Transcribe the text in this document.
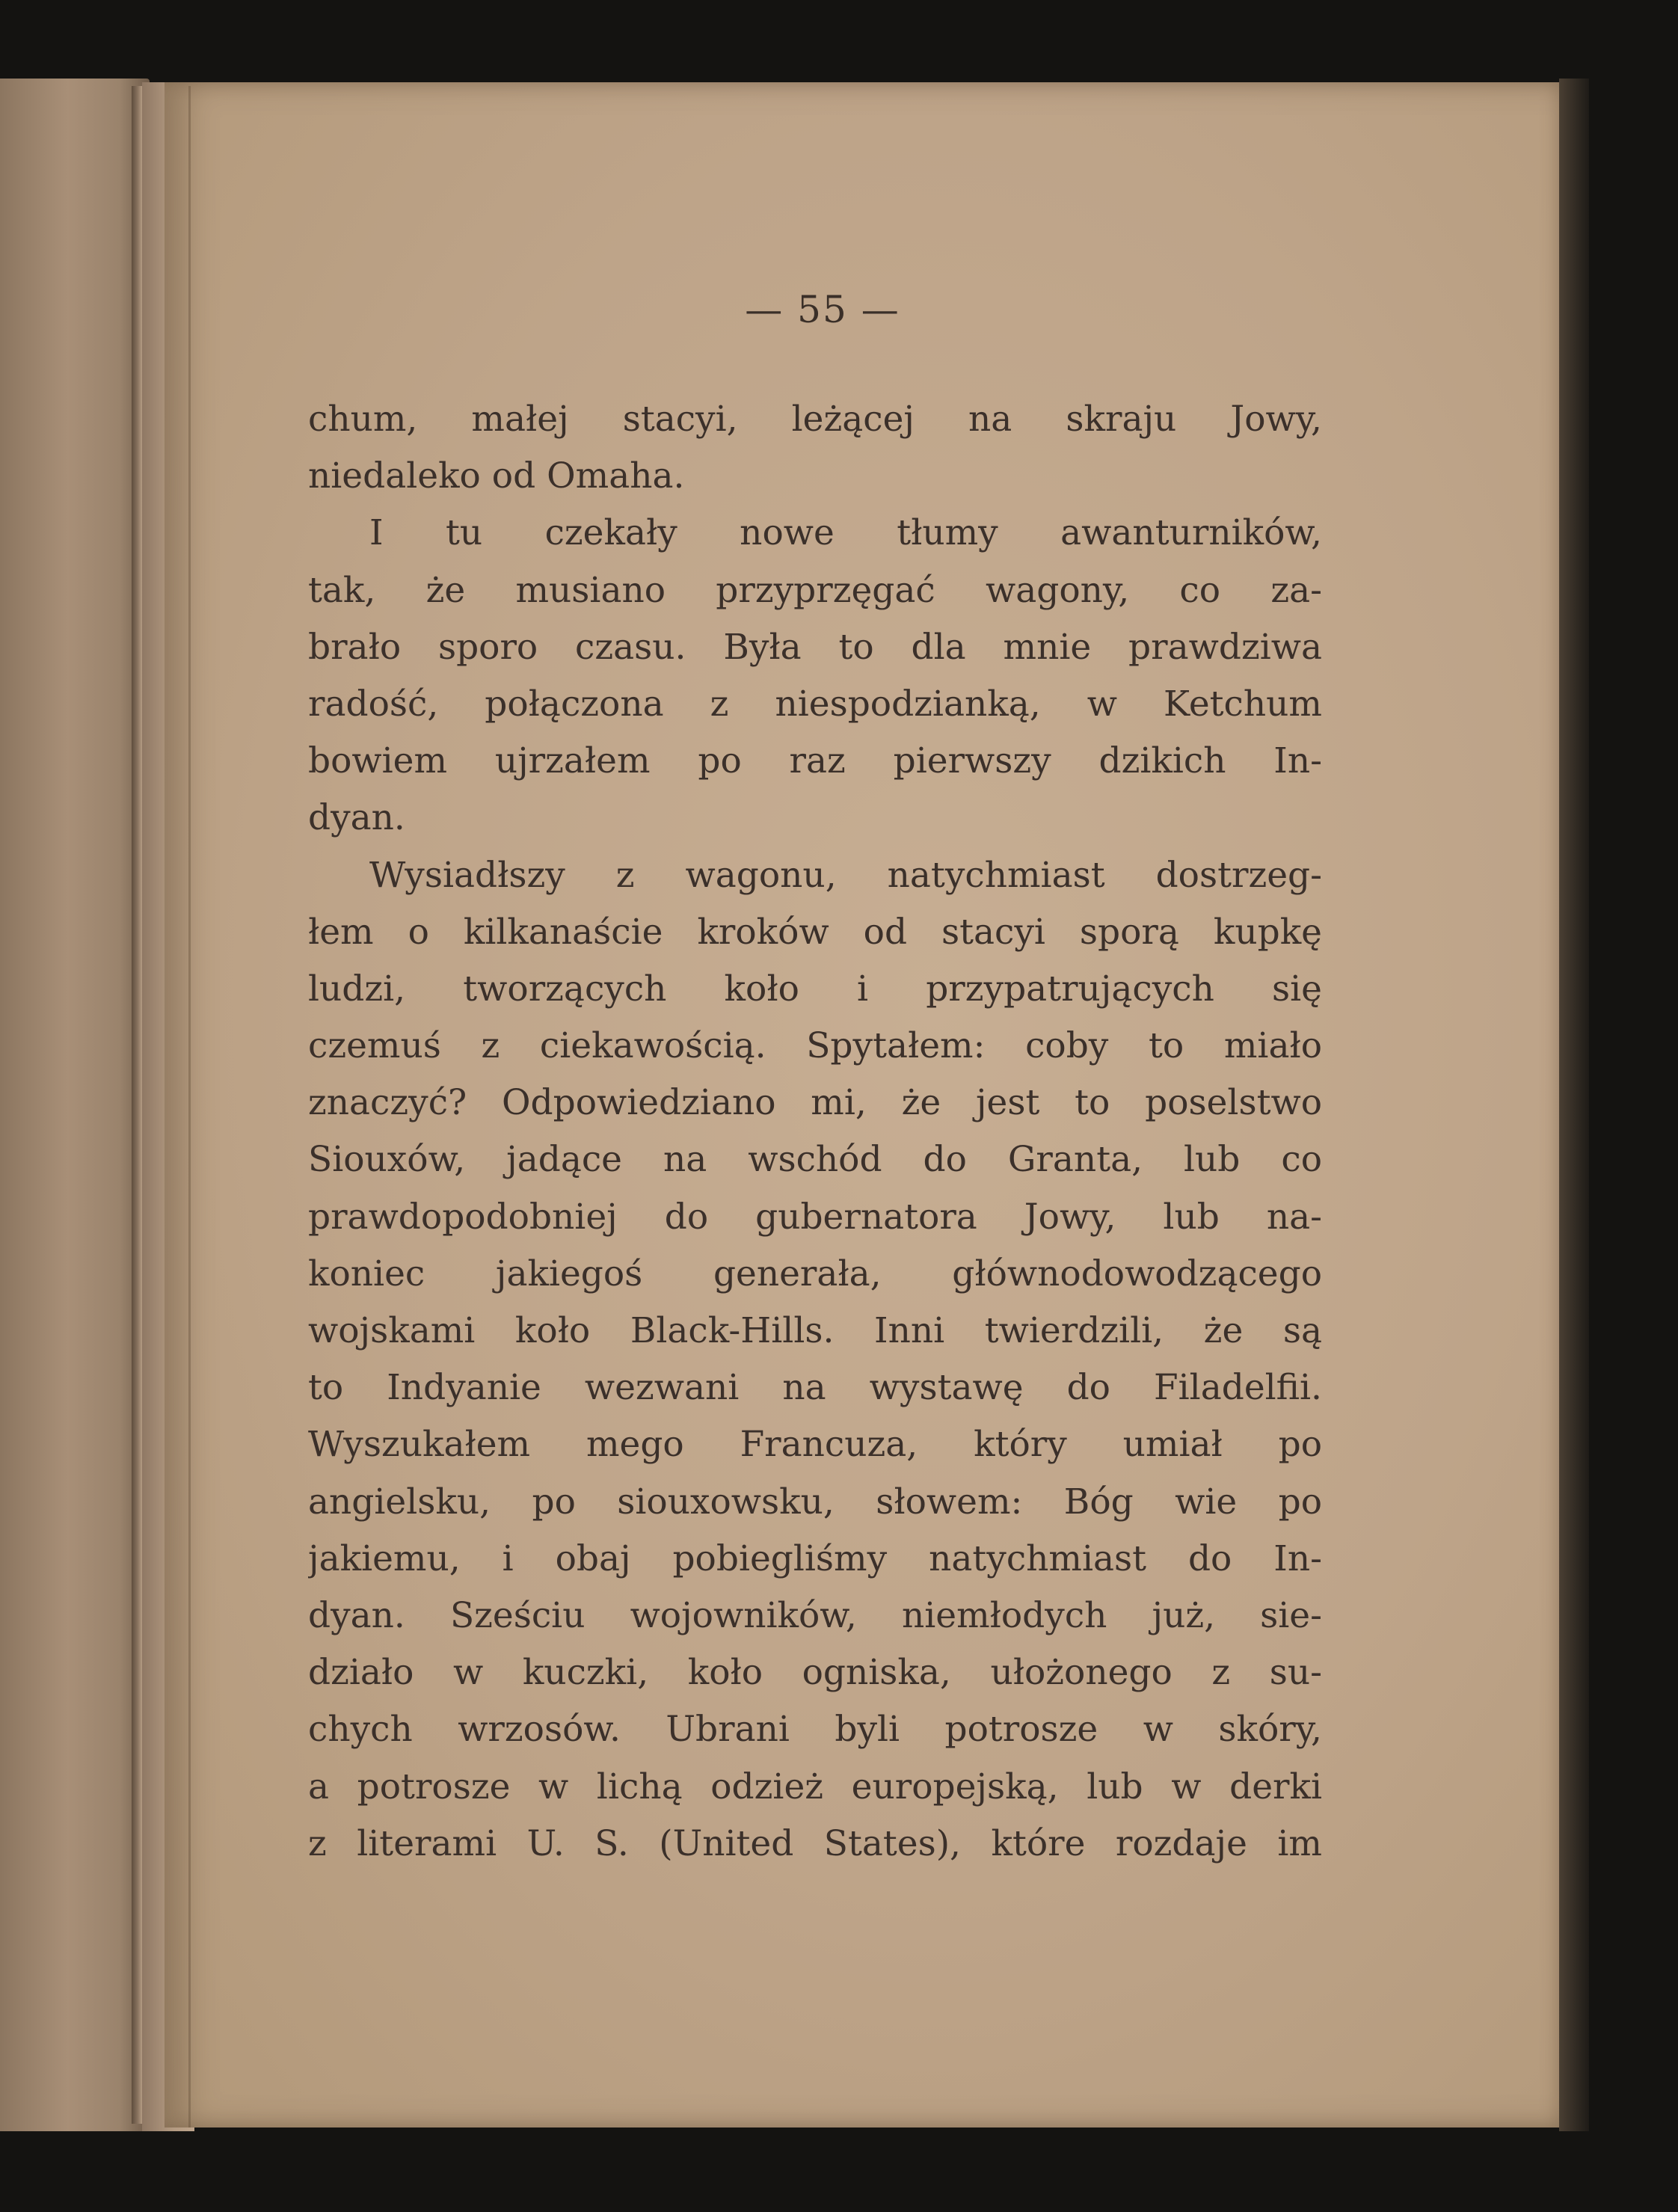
— 55 —
chum, małej stacyi, leżącej na skraju Jowy,
niedaleko od Omaha.
I tu czekały nowe tłumy awanturników,
tak, że musiano przyprzęgać wagony, co za-
brało sporo czasu. Była to dla mnie prawdziwa
radość, połączona z niespodzianką, w Ketchum
bowiem ujrzałem po raz pierwszy dzikich In-
dyan.
Wysiadłszy z wagonu, natychmiast dostrzeg-
łem o kilkanaście kroków od stacyi sporą kupkę
ludzi, tworzących koło i przypatrujących się
czemuś z ciekawością. Spytałem: coby to miało
znaczyć? Odpowiedziano mi, że jest to poselstwo
Siouxów, jadące na wschód do Granta, lub co
prawdopodobniej do gubernatora Jowy, lub na-
koniec jakiegoś generała, głównodowodzącego
wojskami koło Black-Hills. Inni twierdzili, że są
to Indyanie wezwani na wystawę do Filadelfii.
Wyszukałem mego Francuza, który umiał po
angielsku, po siouxowsku, słowem: Bóg wie po
jakiemu, i obaj pobiegliśmy natychmiast do In-
dyan. Sześciu wojowników, niemłodych już, sie-
działo w kuczki, koło ogniska, ułożonego z su-
chych wrzosów. Ubrani byli potrosze w skóry,
a potrosze w lichą odzież europejską, lub w derki
z literami U. S. (United States), które rozdaje im
